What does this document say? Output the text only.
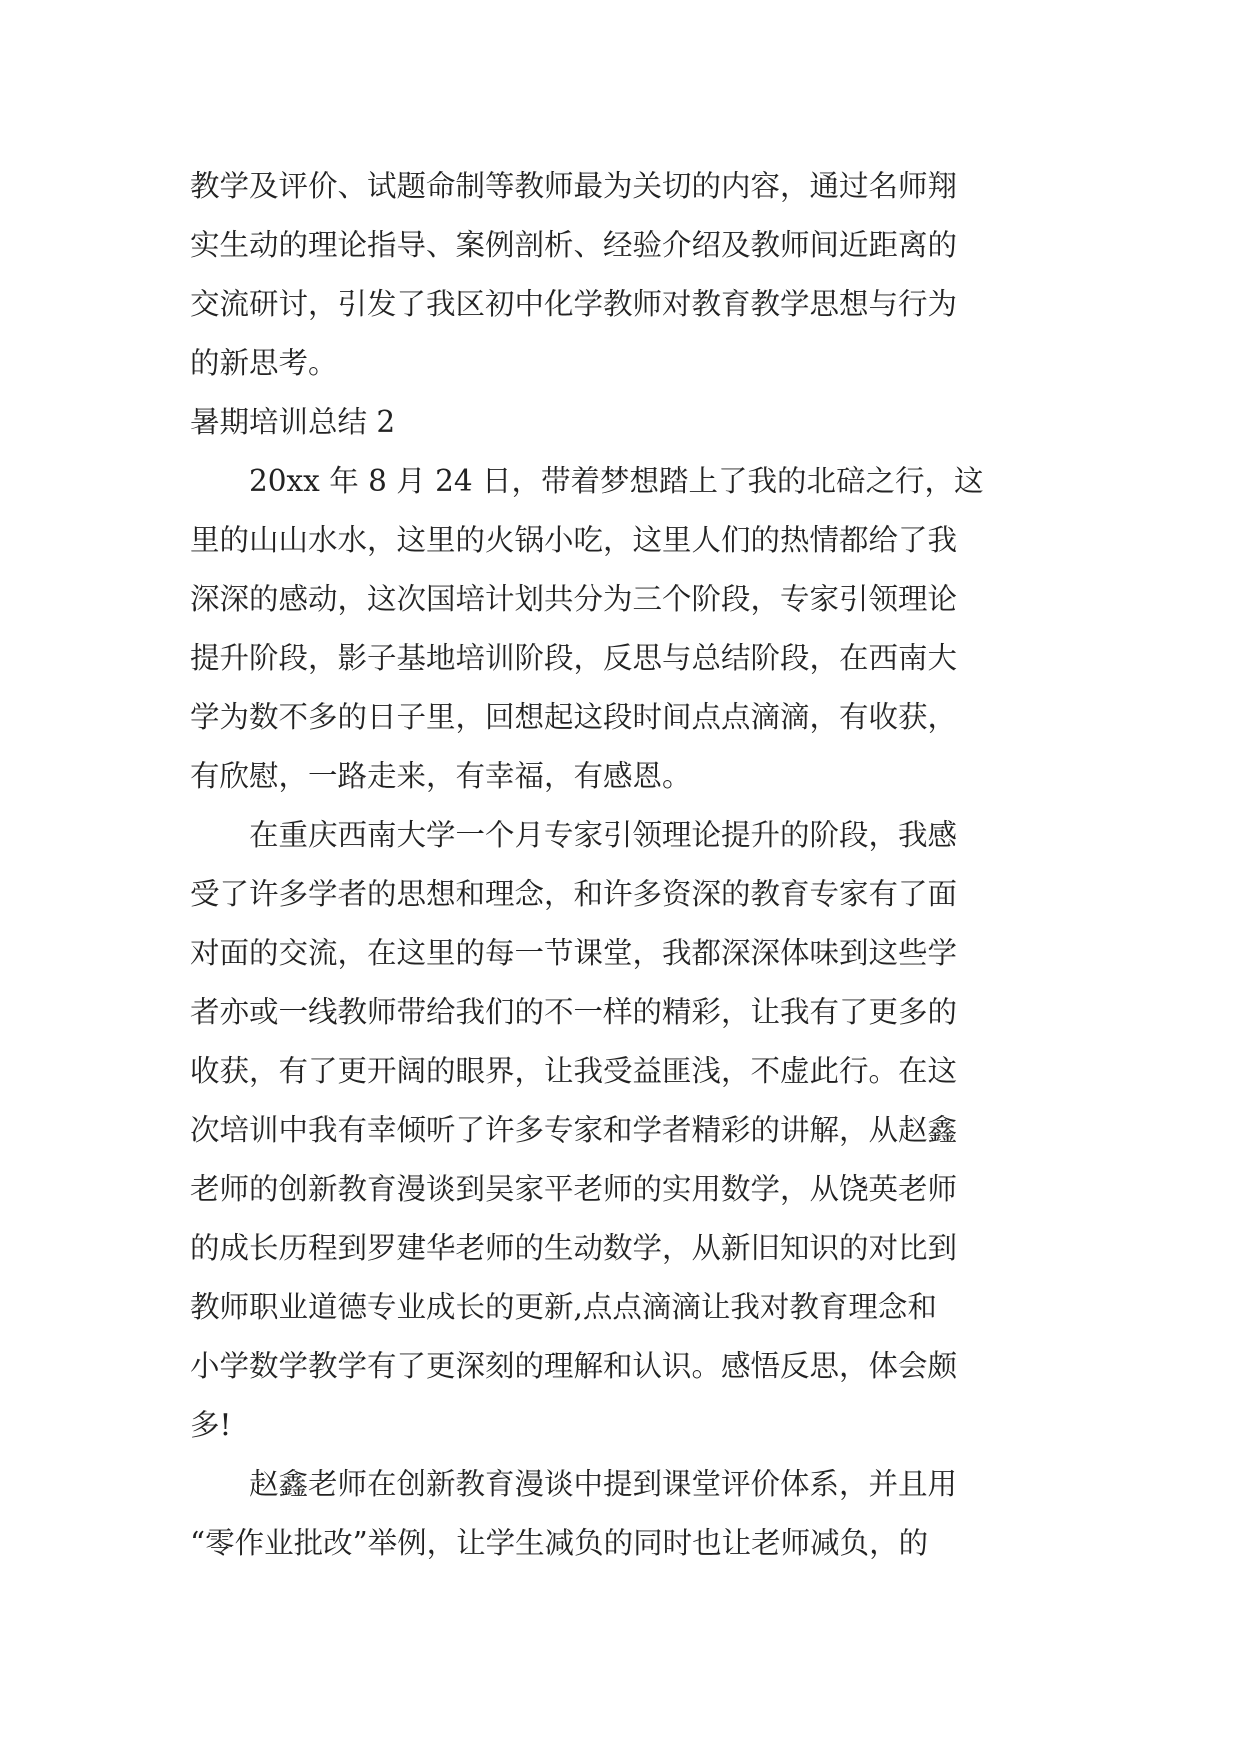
教学及评价、试题命制等教师最为关切的内容，通过名师翔
实生动的理论指导、案例剖析、经验介绍及教师间近距离的
交流研讨，引发了我区初中化学教师对教育教学思想与行为
的新思考。
暑期培训总结 2
　　20xx 年 8 月 24 日，带着梦想踏上了我的北碚之行，这
里的山山水水，这里的火锅小吃，这里人们的热情都给了我
深深的感动，这次国培计划共分为三个阶段，专家引领理论
提升阶段，影子基地培训阶段，反思与总结阶段，在西南大
学为数不多的日子里，回想起这段时间点点滴滴，有收获，
有欣慰，一路走来，有幸福，有感恩。
　　在重庆西南大学一个月专家引领理论提升的阶段，我感
受了许多学者的思想和理念，和许多资深的教育专家有了面
对面的交流，在这里的每一节课堂，我都深深体味到这些学
者亦或一线教师带给我们的不一样的精彩，让我有了更多的
收获，有了更开阔的眼界，让我受益匪浅，不虚此行。在这
次培训中我有幸倾听了许多专家和学者精彩的讲解，从赵鑫
老师的创新教育漫谈到吴家平老师的实用数学，从饶英老师
的成长历程到罗建华老师的生动数学，从新旧知识的对比到
教师职业道德专业成长的更新,点点滴滴让我对教育理念和
小学数学教学有了更深刻的理解和认识。感悟反思，体会颇
多!
　　赵鑫老师在创新教育漫谈中提到课堂评价体系，并且用
“零作业批改”举例，让学生减负的同时也让老师减负，的
